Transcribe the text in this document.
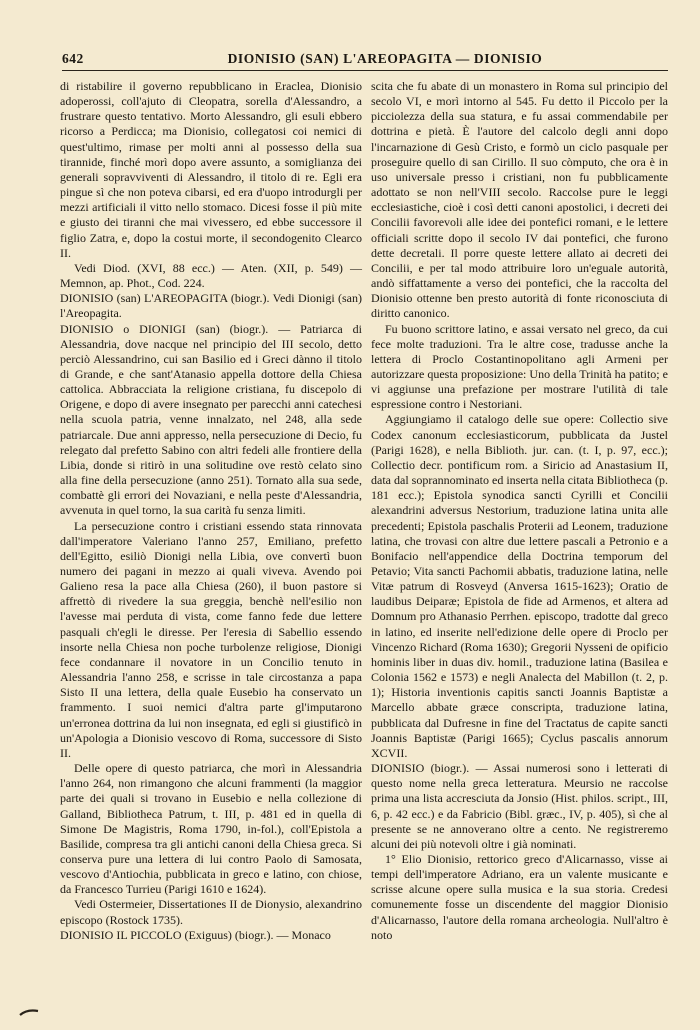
642	DIONISIO (SAN) L'AREOPAGITA — DIONISIO

di ristabilire il governo repubblicano in Eraclea, Dionisio adoperossi, coll'ajuto di Cleopatra, sorella d'Alessandro, a frustrare questo tentativo. Morto Alessandro, gli esuli ebbero ricorso a Perdicca; ma Dionisio, collegatosi coi nemici di quest'ultimo, rimase per molti anni al possesso della sua tirannide, finché morì dopo avere assunto, a somiglianza dei generali sopravviventi di Alessandro, il titolo di re. Egli era pingue sì che non poteva cibarsi, ed era d'uopo introdurgli per mezzi artificiali il vitto nello stomaco. Dicesi fosse il più mite e giusto dei tiranni che mai vivessero, ed ebbe successore il figlio Zatra, e, dopo la costui morte, il secondogenito Clearco II.

Vedi Diod. (XVI, 88 ecc.) — Aten. (XII, p. 549) — Memnon, ap. Phot., Cod. 224.

DIONISIO (san) L'AREOPAGITA (biogr.). Vedi Dionigi (san) l'Areopagita.

DIONISIO o DIONIGI (san) (biogr.). — Patriarca di Alessandria, dove nacque nel principio del III secolo, detto perciò Alessandrino, cui san Basilio ed i Greci dànno il titolo di Grande, e che sant'Atanasio appella dottore della Chiesa cattolica. Abbracciata la religione cristiana, fu discepolo di Origene, e dopo di avere insegnato per parecchi anni catechesi nella scuola patria, venne innalzato, nel 248, alla sede patriarcale. Due anni appresso, nella persecuzione di Decio, fu relegato dal prefetto Sabino con altri fedeli alle frontiere della Libia, donde si ritirò in una solitudine ove restò celato sino alla fine della persecuzione (anno 251). Tornato alla sua sede, combattè gli errori dei Novaziani, e nella peste d'Alessandria, avvenuta in quel torno, la sua carità fu senza limiti.

La persecuzione contro i cristiani essendo stata rinnovata dall'imperatore Valeriano l'anno 257, Emiliano, prefetto dell'Egitto, esiliò Dionigi nella Libia, ove convertì buon numero dei pagani in mezzo ai quali viveva. Avendo poi Galieno resa la pace alla Chiesa (260), il buon pastore si affrettò di rivedere la sua greggia, benchè nell'esilio non l'avesse mai perduta di vista, come fanno fede due lettere pasquali ch'egli le diresse. Per l'eresia di Sabellio essendo insorte nella Chiesa non poche turbolenze religiose, Dionigi fece condannare il novatore in un Concilio tenuto in Alessandria l'anno 258, e scrisse in tale circostanza a papa Sisto II una lettera, della quale Eusebio ha conservato un frammento. I suoi nemici d'altra parte gl'imputarono un'erronea dottrina da lui non insegnata, ed egli si giustificò in un'Apologia a Dionisio vescovo di Roma, successore di Sisto II.

Delle opere di questo patriarca, che morì in Alessandria l'anno 264, non rimangono che alcuni frammenti (la maggior parte dei quali si trovano in Eusebio e nella collezione di Galland, Bibliotheca Patrum, t. III, p. 481 ed in quella di Simone De Magistris, Roma 1790, in-fol.), coll'Epistola a Basilide, compresa tra gli antichi canoni della Chiesa greca. Si conserva pure una lettera di lui contro Paolo di Samosata, vescovo d'Antiochia, pubblicata in greco e latino, con chiose, da Francesco Turrieu (Parigi 1610 e 1624).

Vedi Ostermeier, Dissertationes II de Dionysio, alexandrino episcopo (Rostock 1735).

DIONISIO IL PICCOLO (Exiguus) (biogr.). — Monaco

scita che fu abate di un monastero in Roma sul principio del secolo VI, e morì intorno al 545. Fu detto il Piccolo per la picciolezza della sua statura, e fu assai commendabile per dottrina e pietà. È l'autore del calcolo degli anni dopo l'incarnazione di Gesù Cristo, e formò un ciclo pasquale per proseguire quello di san Cirillo. Il suo còmputo, che ora è in uso universale presso i cristiani, non fu pubblicamente adottato se non nell'VIII secolo. Raccolse pure le leggi ecclesiastiche, cioè i così detti canoni apostolici, i decreti dei Concilii favorevoli alle idee dei pontefici romani, e le lettere officiali scritte dopo il secolo IV dai pontefici, che furono dette decretali. Il porre queste lettere allato ai decreti dei Concilii, e per tal modo attribuire loro un'eguale autorità, andò siffattamente a verso dei pontefici, che la raccolta del Dionisio ottenne ben presto autorità di fonte riconosciuta di diritto canonico.

Fu buono scrittore latino, e assai versato nel greco, da cui fece molte traduzioni. Tra le altre cose, tradusse anche la lettera di Proclo Costantinopolitano agli Armeni per autorizzare questa proposizione: Uno della Trinità ha patito; e vi aggiunse una prefazione per mostrare l'utilità di tale espressione contro i Nestoriani.

Aggiungiamo il catalogo delle sue opere: Collectio sive Codex canonum ecclesiasticorum, pubblicata da Justel (Parigi 1628), e nella Biblioth. jur. can. (t. I, p. 97, ecc.); Collectio decr. pontificum rom. a Siricio ad Anastasium II, data dal soprannominato ed inserta nella citata Bibliotheca (p. 181 ecc.); Epistola synodica sancti Cyrilli et Concilii alexandrini adversus Nestorium, traduzione latina unita alle precedenti; Epistola paschalis Proterii ad Leonem, traduzione latina, che trovasi con altre due lettere pascali a Petronio e a Bonifacio nell'appendice della Doctrina temporum del Petavio; Vita sancti Pachomii abbatis, traduzione latina, nelle Vitæ patrum di Rosveyd (Anversa 1615-1623); Oratio de laudibus Deiparæ; Epistola de fide ad Armenos, et altera ad Domnum pro Athanasio Perrhen. episcopo, tradotte dal greco in latino, ed inserite nell'edizione delle opere di Proclo per Vincenzo Richard (Roma 1630); Gregorii Nysseni de opificio hominis liber in duas div. homil., traduzione latina (Basilea e Colonia 1562 e 1573) e negli Analecta del Mabillon (t. 2, p. 1); Historia inventionis capitis sancti Joannis Baptistæ a Marcello abbate græce conscripta, traduzione latina, pubblicata dal Dufresne in fine del Tractatus de capite sancti Joannis Baptistæ (Parigi 1665); Cyclus pascalis annorum XCVII.

DIONISIO (biogr.). — Assai numerosi sono i letterati di questo nome nella greca letteratura. Meursio ne raccolse prima una lista accresciuta da Jonsio (Hist. philos. script., III, 6, p. 42 ecc.) e da Fabricio (Bibl. græc., IV, p. 405), sì che al presente se ne annoverano oltre a cento. Ne registreremo alcuni dei più notevoli oltre i già nominati.

1° Elio Dionisio, rettorico greco d'Alicarnasso, visse ai tempi dell'imperatore Adriano, era un valente musicante e scrisse alcune opere sulla musica e la sua storia. Credesi comunemente fosse un discendente del maggior Dionisio d'Alicarnasso, l'autore della romana archeologia. Null'altro è noto
